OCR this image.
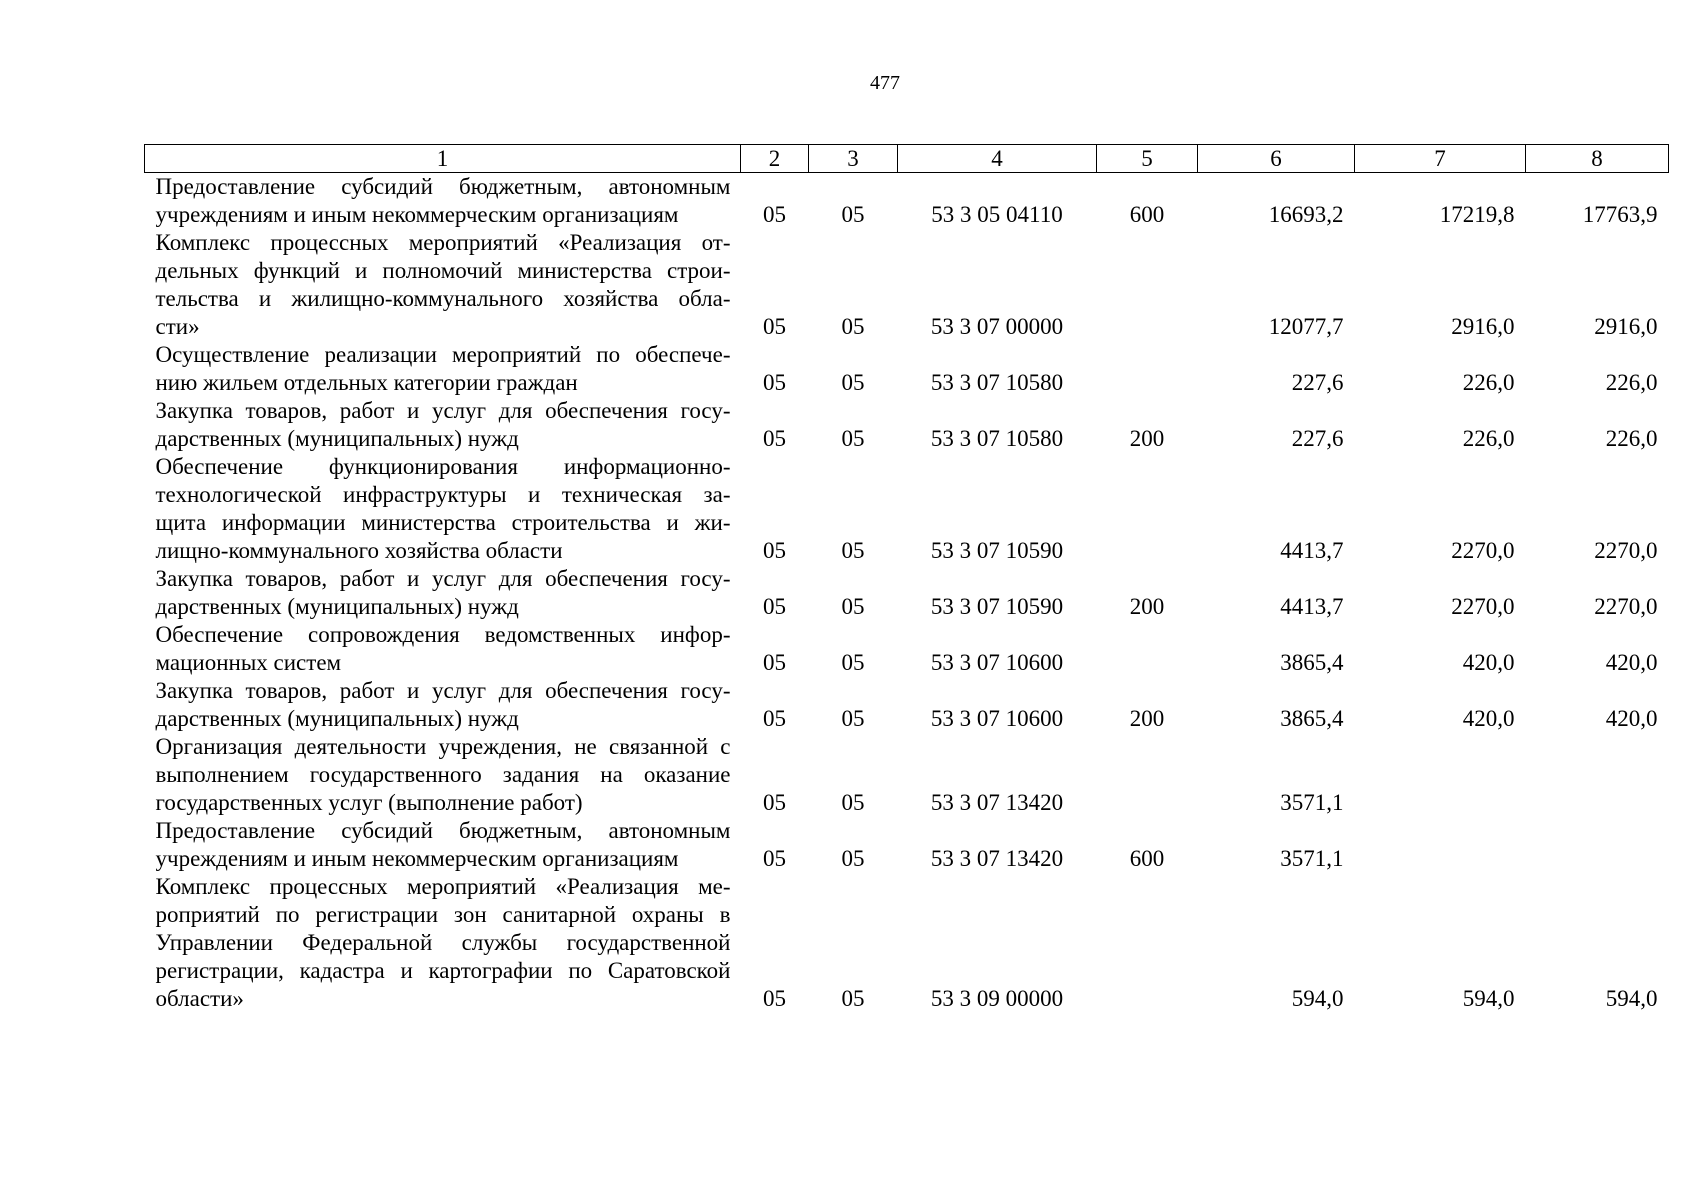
477
1	2	3	4	5	6	7	8

Предоставление субсидий бюджетным, автономным
учреждениям и иным некоммерческим организациям	05	05	53 3 05 04110	600	16693,2	17219,8	17763,9

Комплекс процессных мероприятий «Реализация от-
дельных функций и полномочий министерства строи-
тельства и жилищно-коммунального хозяйства обла-
сти»	05	05	53 3 07 00000		12077,7	2916,0	2916,0

Осуществление реализации мероприятий по обеспече-
нию жильем отдельных категории граждан	05	05	53 3 07 10580		227,6	226,0	226,0

Закупка товаров, работ и услуг для обеспечения госу-
дарственных (муниципальных) нужд	05	05	53 3 07 10580	200	227,6	226,0	226,0

Обеспечение функционирования информационно-
технологической инфраструктуры и техническая за-
щита информации министерства строительства и жи-
лищно-коммунального хозяйства области	05	05	53 3 07 10590		4413,7	2270,0	2270,0

Закупка товаров, работ и услуг для обеспечения госу-
дарственных (муниципальных) нужд	05	05	53 3 07 10590	200	4413,7	2270,0	2270,0

Обеспечение сопровождения ведомственных инфор-
мационных систем	05	05	53 3 07 10600		3865,4	420,0	420,0

Закупка товаров, работ и услуг для обеспечения госу-
дарственных (муниципальных) нужд	05	05	53 3 07 10600	200	3865,4	420,0	420,0

Организация деятельности учреждения, не связанной с
выполнением государственного задания на оказание
государственных услуг (выполнение работ)	05	05	53 3 07 13420		3571,1		

Предоставление субсидий бюджетным, автономным
учреждениям и иным некоммерческим организациям	05	05	53 3 07 13420	600	3571,1		

Комплекс процессных мероприятий «Реализация ме-
роприятий по регистрации зон санитарной охраны в
Управлении Федеральной службы государственной
регистрации, кадастра и картографии по Саратовской
области»	05	05	53 3 09 00000		594,0	594,0	594,0
